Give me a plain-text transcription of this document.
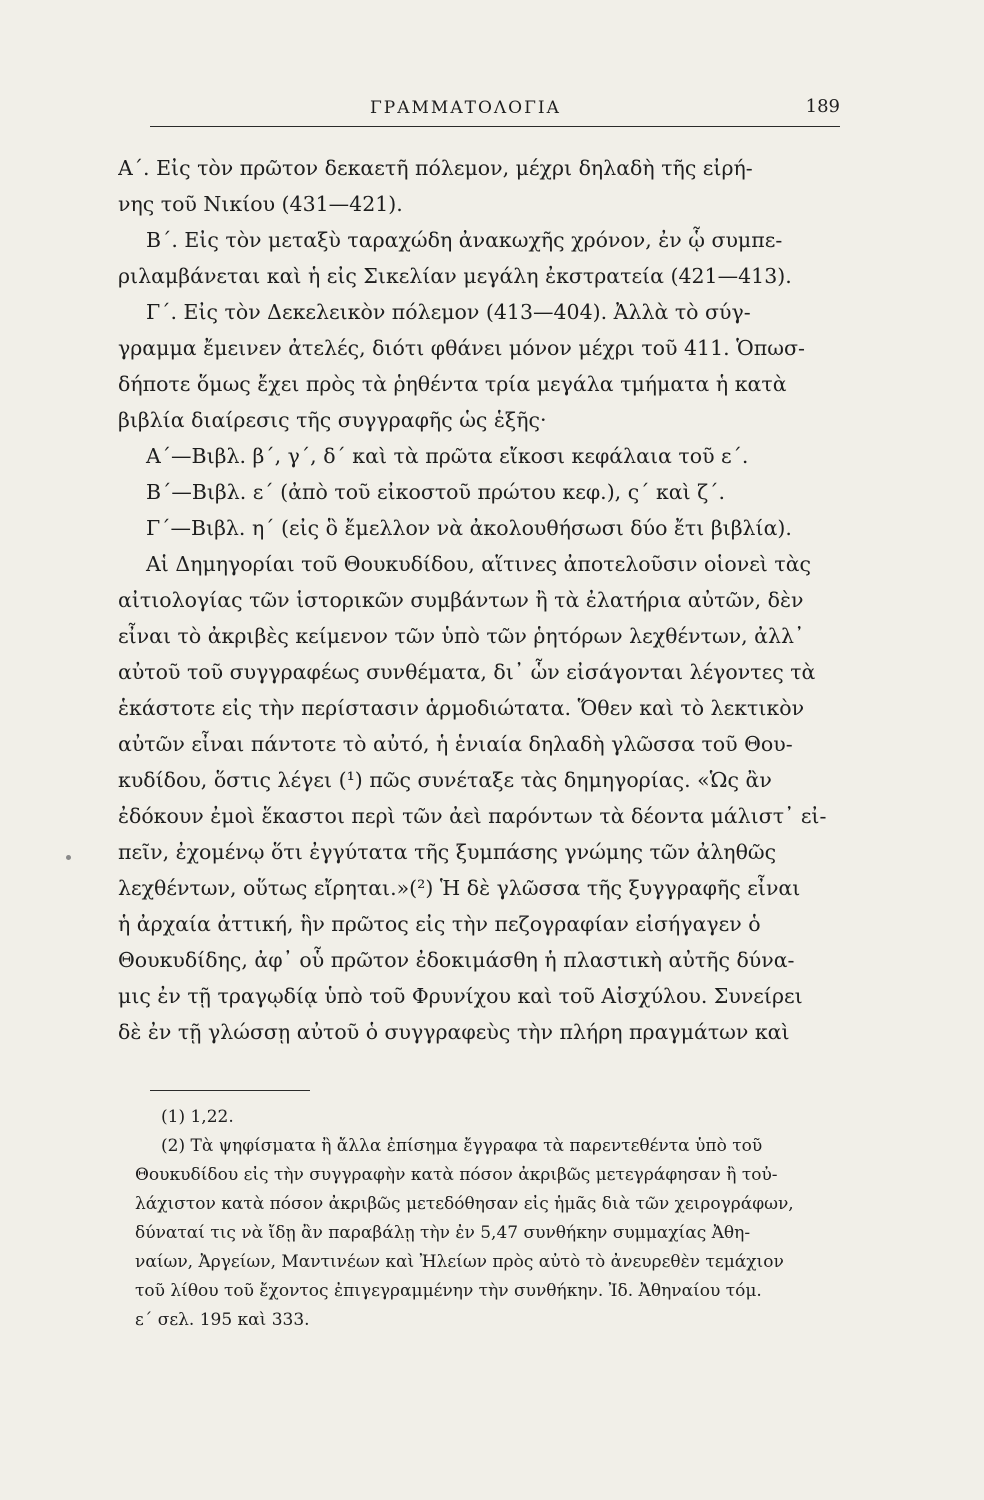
ΓΡΑΜΜΑΤΟΛΟΓΙΑ	189
Α΄. Εἰς τὸν πρῶτον δεκαετῆ πόλεμον, μέχρι δηλαδὴ τῆς εἰρή-
νης τοῦ Νικίου (431—421).
Β΄. Εἰς τὸν μεταξὺ ταραχώδη ἀνακωχῆς χρόνον, ἐν ᾧ συμπε-
ριλαμβάνεται καὶ ἡ εἰς Σικελίαν μεγάλη ἐκστρατεία (421—413).
Γ΄. Εἰς τὸν Δεκελεικὸν πόλεμον (413—404). Ἀλλὰ τὸ σύγ-
γραμμα ἔμεινεν ἀτελές, διότι φθάνει μόνον μέχρι τοῦ 411. Ὁπωσ-
δήποτε ὅμως ἔχει πρὸς τὰ ῥηθέντα τρία μεγάλα τμήματα ἡ κατὰ
βιβλία διαίρεσις τῆς συγγραφῆς ὡς ἑξῆς·
Α΄—Βιβλ. β΄, γ΄, δ΄ καὶ τὰ πρῶτα εἴκοσι κεφάλαια τοῦ ε΄.
Β΄—Βιβλ. ε΄ (ἀπὸ τοῦ εἰκοστοῦ πρώτου κεφ.), ς΄ καὶ ζ΄.
Γ΄—Βιβλ. η΄ (εἰς ὃ ἔμελλον νὰ ἀκολουθήσωσι δύο ἔτι βιβλία).
Αἱ Δημηγορίαι τοῦ Θουκυδίδου, αἵτινες ἀποτελοῦσιν οἱονεὶ τὰς
αἰτιολογίας τῶν ἱστορικῶν συμβάντων ἢ τὰ ἐλατήρια αὐτῶν, δὲν
εἶναι τὸ ἀκριβὲς κείμενον τῶν ὑπὸ τῶν ῥητόρων λεχθέντων, ἀλλ᾽
αὐτοῦ τοῦ συγγραφέως συνθέματα, δι᾽ ὧν εἰσάγονται λέγοντες τὰ
ἑκάστοτε εἰς τὴν περίστασιν ἁρμοδιώτατα. Ὅθεν καὶ τὸ λεκτικὸν
αὐτῶν εἶναι πάντοτε τὸ αὐτό, ἡ ἑνιαία δηλαδὴ γλῶσσα τοῦ Θου-
κυδίδου, ὅστις λέγει (¹) πῶς συνέταξε τὰς δημηγορίας. «Ὡς ἂν
ἐδόκουν ἐμοὶ ἕκαστοι περὶ τῶν ἀεὶ παρόντων τὰ δέοντα μάλιστ᾽ εἰ-
πεῖν, ἐχομένῳ ὅτι ἐγγύτατα τῆς ξυμπάσης γνώμης τῶν ἀληθῶς
λεχθέντων, οὕτως εἴρηται.»(²) Ἡ δὲ γλῶσσα τῆς ξυγγραφῆς εἶναι
ἡ ἀρχαία ἀττική, ἣν πρῶτος εἰς τὴν πεζογραφίαν εἰσήγαγεν ὁ
Θουκυδίδης, ἀφ᾽ οὗ πρῶτον ἐδοκιμάσθη ἡ πλαστικὴ αὐτῆς δύνα-
μις ἐν τῇ τραγῳδίᾳ ὑπὸ τοῦ Φρυνίχου καὶ τοῦ Αἰσχύλου. Συνείρει
δὲ ἐν τῇ γλώσσῃ αὐτοῦ ὁ συγγραφεὺς τὴν πλήρη πραγμάτων καὶ
(1) 1,22.
(2) Τὰ ψηφίσματα ἢ ἄλλα ἐπίσημα ἔγγραφα τὰ παρεντεθέντα ὑπὸ τοῦ
Θουκυδίδου εἰς τὴν συγγραφὴν κατὰ πόσον ἀκριβῶς μετεγράφησαν ἢ τοὐ-
λάχιστον κατὰ πόσον ἀκριβῶς μετεδόθησαν εἰς ἡμᾶς διὰ τῶν χειρογράφων,
δύναταί τις νὰ ἴδῃ ἂν παραβάλῃ τὴν ἐν 5,47 συνθήκην συμμαχίας Ἀθη-
ναίων, Ἀργείων, Μαντινέων καὶ Ἠλείων πρὸς αὐτὸ τὸ ἀνευρεθὲν τεμάχιον
τοῦ λίθου τοῦ ἔχοντος ἐπιγεγραμμένην τὴν συνθήκην. Ἰδ. Ἀθηναίου τόμ.
ε΄ σελ. 195 καὶ 333.
